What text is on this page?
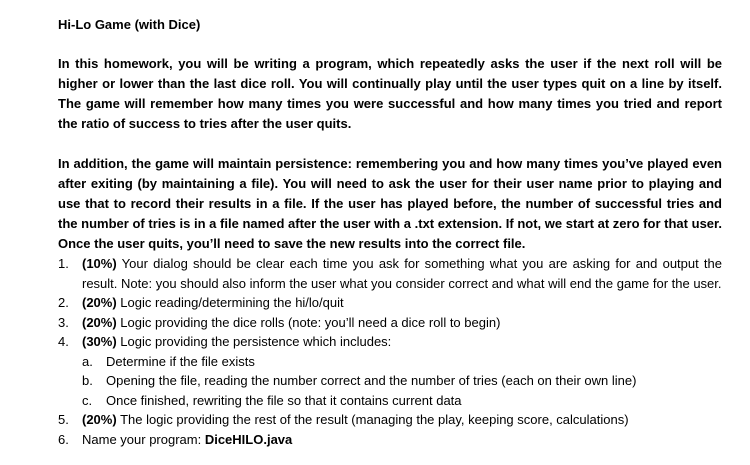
Hi-Lo Game (with Dice)

In this homework, you will be writing a program, which repeatedly asks the user if the next roll will be higher or lower than the last dice roll. You will continually play until the user types quit on a line by itself. The game will remember how many times you were successful and how many times you tried and report the ratio of success to tries after the user quits.

In addition, the game will maintain persistence: remembering you and how many times you’ve played even after exiting (by maintaining a file). You will need to ask the user for their user name prior to playing and use that to record their results in a file. If the user has played before, the number of successful tries and the number of tries is in a file named after the user with a .txt extension. If not, we start at zero for that user. Once the user quits, you’ll need to save the new results into the correct file.

1. (10%) Your dialog should be clear each time you ask for something what you are asking for and output the result. Note: you should also inform the user what you consider correct and what will end the game for the user.
2. (20%) Logic reading/determining the hi/lo/quit
3. (20%) Logic providing the dice rolls (note: you’ll need a dice roll to begin)
4. (30%) Logic providing the persistence which includes:
a. Determine if the file exists
b. Opening the file, reading the number correct and the number of tries (each on their own line)
c. Once finished, rewriting the file so that it contains current data
5. (20%) The logic providing the rest of the result (managing the play, keeping score, calculations)
6. Name your program: DiceHILO.java
